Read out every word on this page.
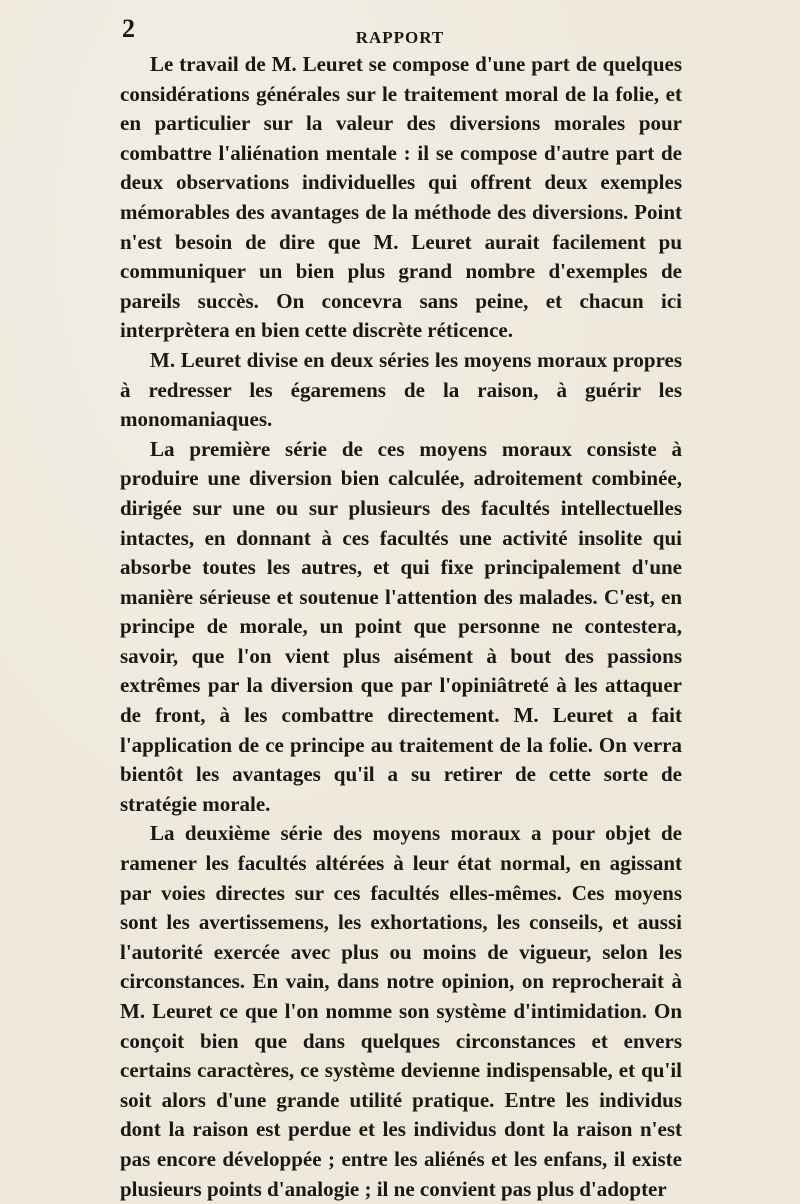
2	RAPPORT

Le travail de M. Leuret se compose d'une part de quelques considérations générales sur le traitement moral de la folie, et en particulier sur la valeur des diversions morales pour combattre l'aliénation mentale : il se compose d'autre part de deux observations individuelles qui offrent deux exemples mémorables des avantages de la méthode des diversions. Point n'est besoin de dire que M. Leuret aurait facilement pu communiquer un bien plus grand nombre d'exemples de pareils succès. On concevra sans peine, et chacun ici interprètera en bien cette discrète réticence.

M. Leuret divise en deux séries les moyens moraux propres à redresser les égaremens de la raison, à guérir les monomaniaques.

La première série de ces moyens moraux consiste à produire une diversion bien calculée, adroitement combinée, dirigée sur une ou sur plusieurs des facultés intellectuelles intactes, en donnant à ces facultés une activité insolite qui absorbe toutes les autres, et qui fixe principalement d'une manière sérieuse et soutenue l'attention des malades. C'est, en principe de morale, un point que personne ne contestera, savoir, que l'on vient plus aisément à bout des passions extrêmes par la diversion que par l'opiniâtreté à les attaquer de front, à les combattre directement. M. Leuret a fait l'application de ce principe au traitement de la folie. On verra bientôt les avantages qu'il a su retirer de cette sorte de stratégie morale.

La deuxième série des moyens moraux a pour objet de ramener les facultés altérées à leur état normal, en agissant par voies directes sur ces facultés elles-mêmes. Ces moyens sont les avertissemens, les exhortations, les conseils, et aussi l'autorité exercée avec plus ou moins de vigueur, selon les circonstances. En vain, dans notre opinion, on reprocherait à M. Leuret ce que l'on nomme son système d'intimidation. On conçoit bien que dans quelques circonstances et envers certains caractères, ce système devienne indispensable, et qu'il soit alors d'une grande utilité pratique. Entre les individus dont la raison est perdue et les individus dont la raison n'est pas encore développée ; entre les aliénés et les enfans, il existe plusieurs points d'analogie ; il ne convient pas plus d'adopter
